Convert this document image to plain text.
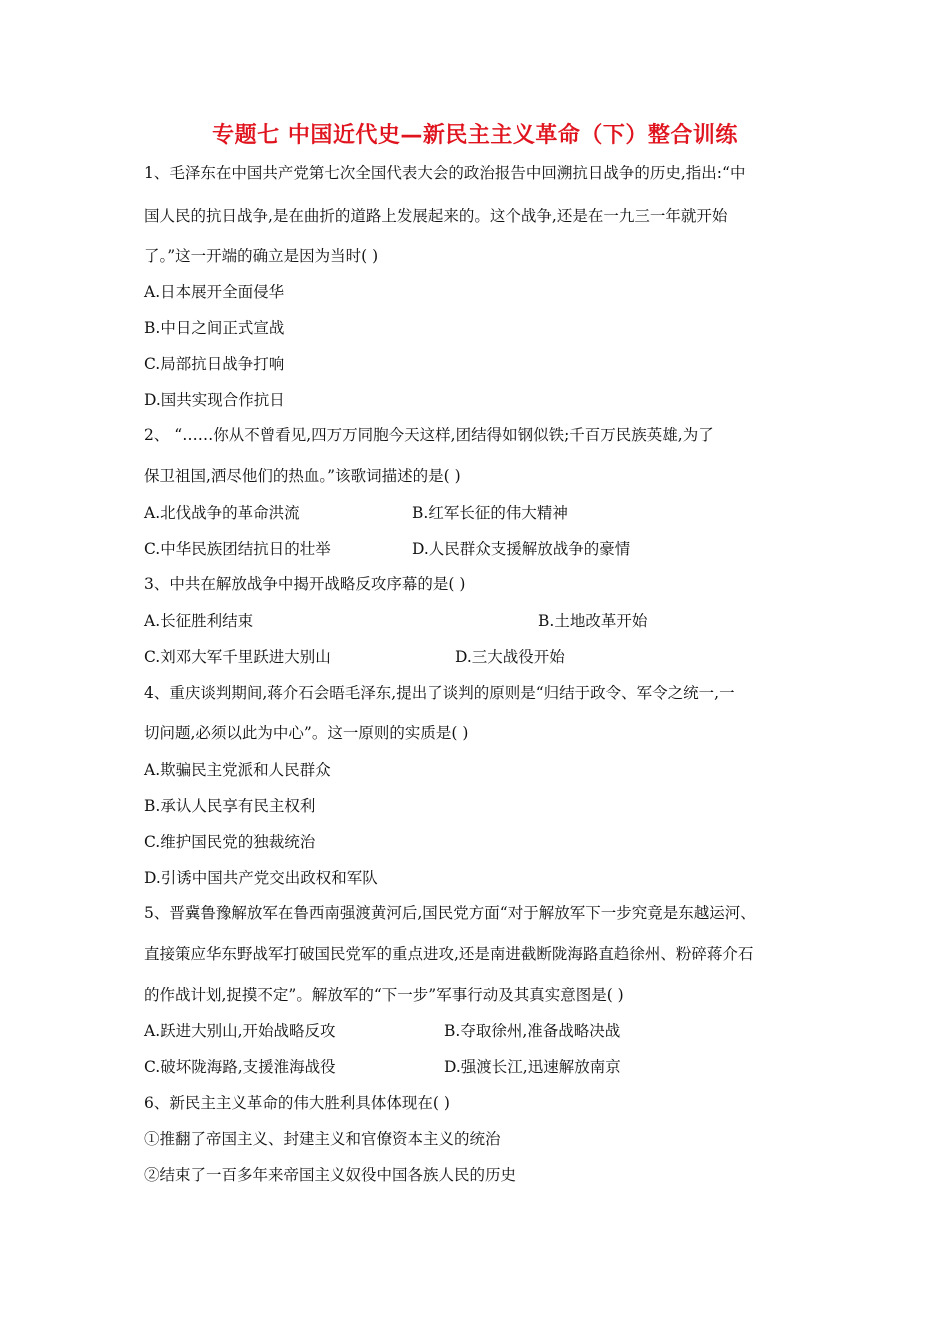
专题七 中国近代史—新民主主义革命（下）整合训练
1、毛泽东在中国共产党第七次全国代表大会的政治报告中回溯抗日战争的历史,指出:“中
国人民的抗日战争,是在曲折的道路上发展起来的。这个战争,还是在一九三一年就开始
了。”这一开端的确立是因为当时( )
A.日本展开全面侵华
B.中日之间正式宣战
C.局部抗日战争打响
D.国共实现合作抗日
2、 “……你从不曾看见,四万万同胞今天这样,团结得如钢似铁;千百万民族英雄,为了
保卫祖国,洒尽他们的热血。”该歌词描述的是( )
A.北伐战争的革命洪流	B.红军长征的伟大精神
C.中华民族团结抗日的壮举	D.人民群众支援解放战争的豪情
3、中共在解放战争中揭开战略反攻序幕的是( )
A.长征胜利结束	B.土地改革开始
C.刘邓大军千里跃进大别山	D.三大战役开始
4、重庆谈判期间,蒋介石会晤毛泽东,提出了谈判的原则是“归结于政令、军令之统一,一
切问题,必须以此为中心”。这一原则的实质是( )
A.欺骗民主党派和人民群众
B.承认人民享有民主权利
C.维护国民党的独裁统治
D.引诱中国共产党交出政权和军队
5、晋冀鲁豫解放军在鲁西南强渡黄河后,国民党方面“对于解放军下一步究竟是东越运河、
直接策应华东野战军打破国民党军的重点进攻,还是南进截断陇海路直趋徐州、粉碎蒋介石
的作战计划,捉摸不定”。解放军的“下一步”军事行动及其真实意图是( )
A.跃进大别山,开始战略反攻	B.夺取徐州,准备战略决战
C.破坏陇海路,支援淮海战役	D.强渡长江,迅速解放南京
6、新民主主义革命的伟大胜利具体体现在( )
①推翻了帝国主义、封建主义和官僚资本主义的统治
②结束了一百多年来帝国主义奴役中国各族人民的历史
